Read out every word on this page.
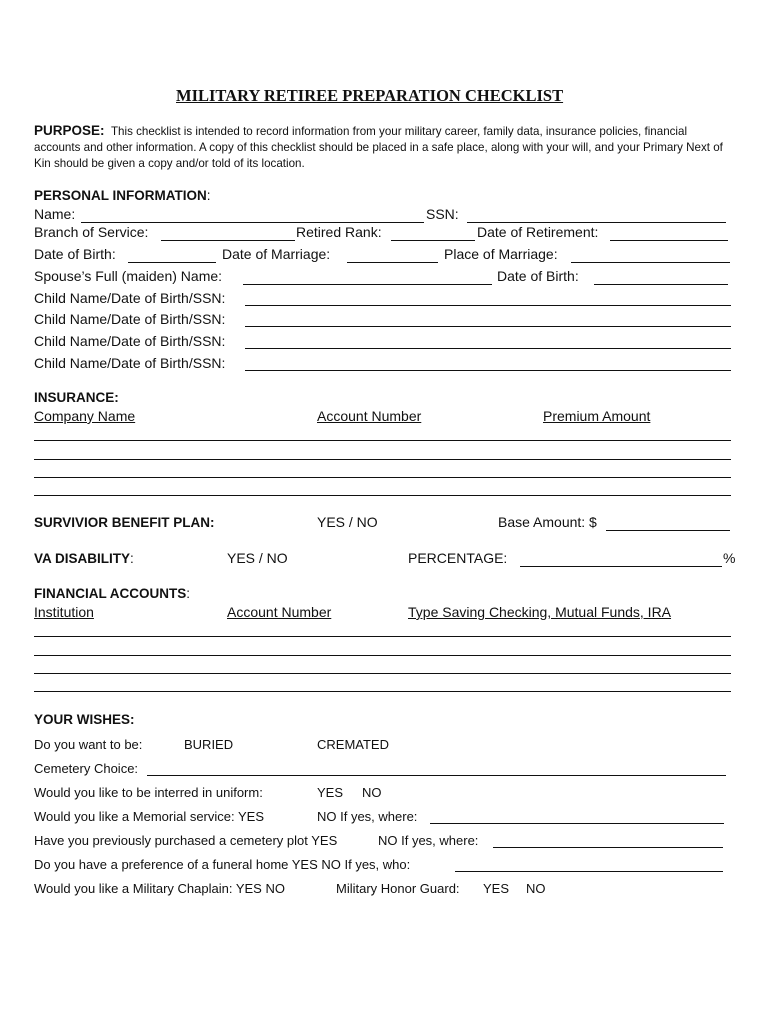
MILITARY RETIREE PREPARATION CHECKLIST
PURPOSE: This checklist is intended to record information from your military career, family data, insurance policies, financial accounts and other information. A copy of this checklist should be placed in a safe place, along with your will, and your Primary Next of Kin should be given a copy and/or told of its location.
PERSONAL INFORMATION:
Name:	SSN:
Branch of Service:	Retired Rank:	Date of Retirement:
Date of Birth:	Date of Marriage:	Place of Marriage:
Spouse’s Full (maiden) Name:	Date of Birth:
Child Name/Date of Birth/SSN:
Child Name/Date of Birth/SSN:
Child Name/Date of Birth/SSN:
Child Name/Date of Birth/SSN:
INSURANCE:
Company Name	Account Number	Premium Amount
SURVIVIOR BENEFIT PLAN:	YES / NO	Base Amount: $
VA DISABILITY:	YES / NO	PERCENTAGE:	%
FINANCIAL ACCOUNTS:
Institution	Account Number	Type Saving Checking, Mutual Funds, IRA
YOUR WISHES:
Do you want to be:	BURIED	CREMATED
Cemetery Choice:
Would you like to be interred in uniform:	YES NO
Would you like a Memorial service: YES	NO If yes, where:
Have you previously purchased a cemetery plot YES	NO If yes, where:
Do you have a preference of a funeral home YES NO If yes, who:
Would you like a Military Chaplain: YES NO	Military Honor Guard: YES NO
